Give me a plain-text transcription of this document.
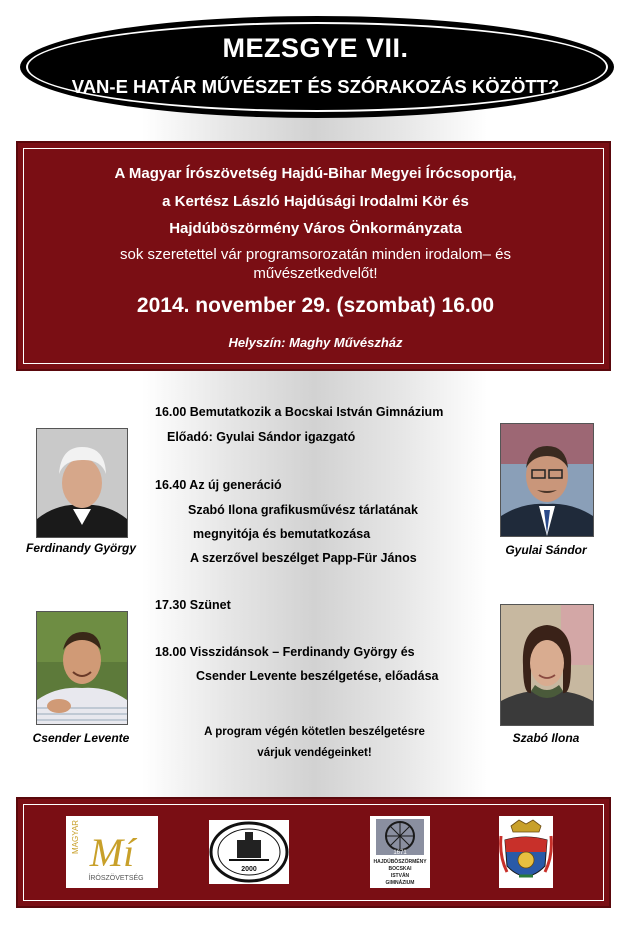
MEZSGYE VII.
VAN-E HATÁR MŰVÉSZET ÉS SZÓRAKOZÁS KÖZÖTT?
A Magyar Írószövetség Hajdú-Bihar Megyei Írócsoportja,
a Kertész László Hajdúsági Irodalmi Kör és
Hajdúböszörmény Város Önkormányzata
sok szeretettel vár programsorozatán minden irodalom– és
művészetkedvelőt!
2014. november 29. (szombat) 16.00
Helyszín: Maghy Művészház
Ferdinandy György	Gyulai Sándor
Csender Levente	Szabó Ilona
16.00 Bemutatkozik a Bocskai István Gimnázium
Előadó: Gyulai Sándor igazgató
16.40 Az új generáció
Szabó Ilona grafikusművész tárlatának
megnyitója és bemutatkozása
A szerzővel beszélget Papp-Für János
17.30 Szünet
18.00 Visszidánsok – Ferdinandy György és
Csender Levente beszélgetése, előadása
A program végén kötetlen beszélgetésre
várjuk vendégeinket!
MAGYAR Mí
ÍRÓSZÖVETSÉG
2000
1671
HAJDÚBÖSZÖRMÉNY
BOCSKAI
ISTVÁN
GIMNÁZIUM
